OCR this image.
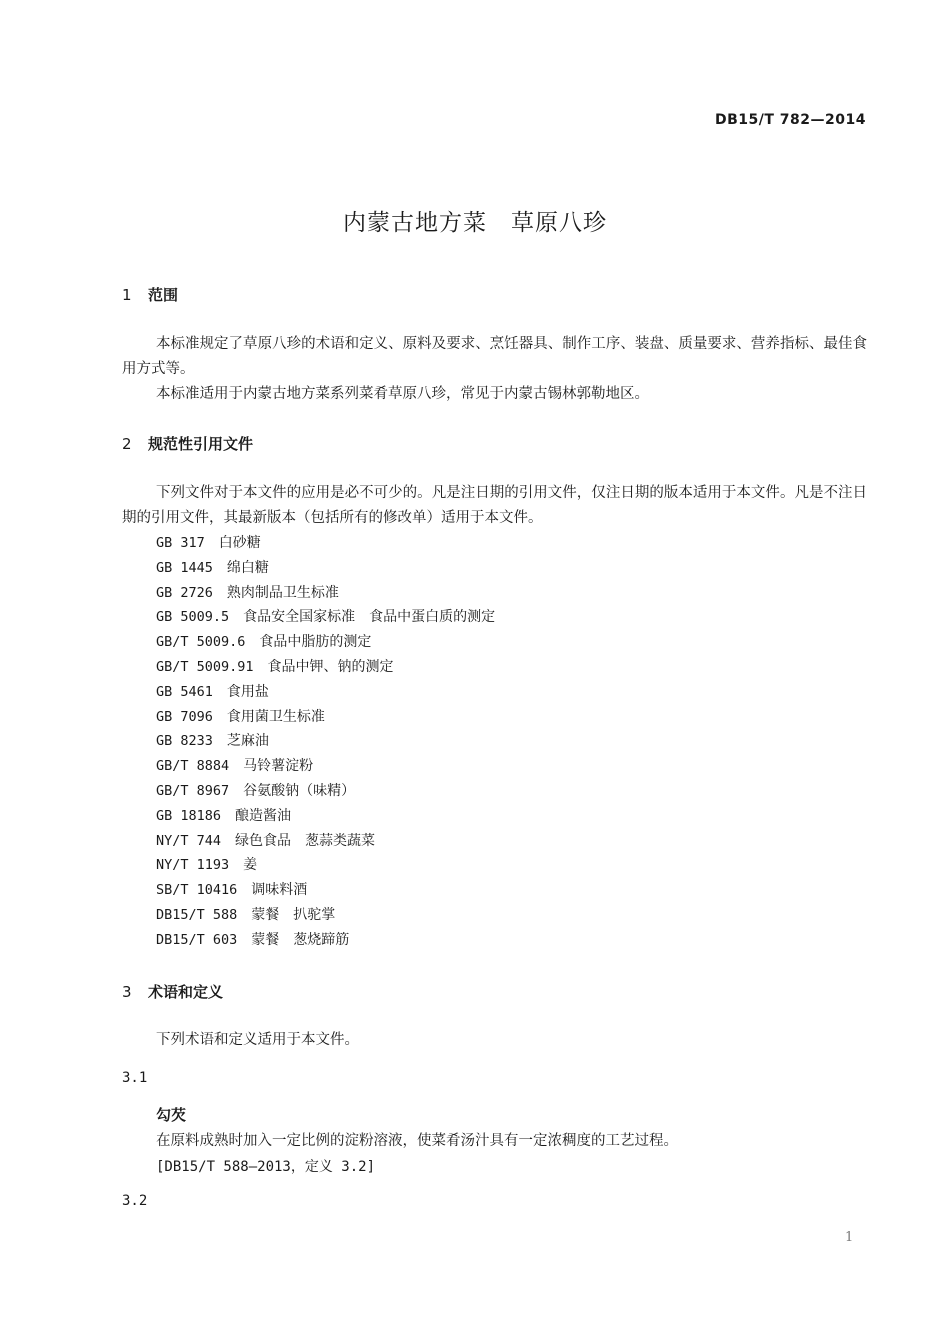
DB15/T 782—2014
内蒙古地方菜　草原八珍
1 范围
本标准规定了草原八珍的术语和定义、原料及要求、烹饪器具、制作工序、装盘、质量要求、营养指标、最佳食用方式等。
本标准适用于内蒙古地方菜系列菜肴草原八珍，常见于内蒙古锡林郭勒地区。
2 规范性引用文件
下列文件对于本文件的应用是必不可少的。凡是注日期的引用文件，仅注日期的版本适用于本文件。凡是不注日期的引用文件，其最新版本（包括所有的修改单）适用于本文件。
GB 317 白砂糖
GB 1445 绵白糖
GB 2726 熟肉制品卫生标准
GB 5009.5 食品安全国家标准　食品中蛋白质的测定
GB/T 5009.6 食品中脂肪的测定
GB/T 5009.91 食品中钾、钠的测定
GB 5461 食用盐
GB 7096 食用菌卫生标准
GB 8233 芝麻油
GB/T 8884 马铃薯淀粉
GB/T 8967 谷氨酸钠（味精）
GB 18186 酿造酱油
NY/T 744 绿色食品　葱蒜类蔬菜
NY/T 1193 姜
SB/T 10416 调味料酒
DB15/T 588 蒙餐　扒驼掌
DB15/T 603 蒙餐　葱烧蹄筋
3 术语和定义
下列术语和定义适用于本文件。
3.1
勾芡
在原料成熟时加入一定比例的淀粉溶液，使菜肴汤汁具有一定浓稠度的工艺过程。
[DB15/T 588—2013，定义 3.2]
3.2
1
